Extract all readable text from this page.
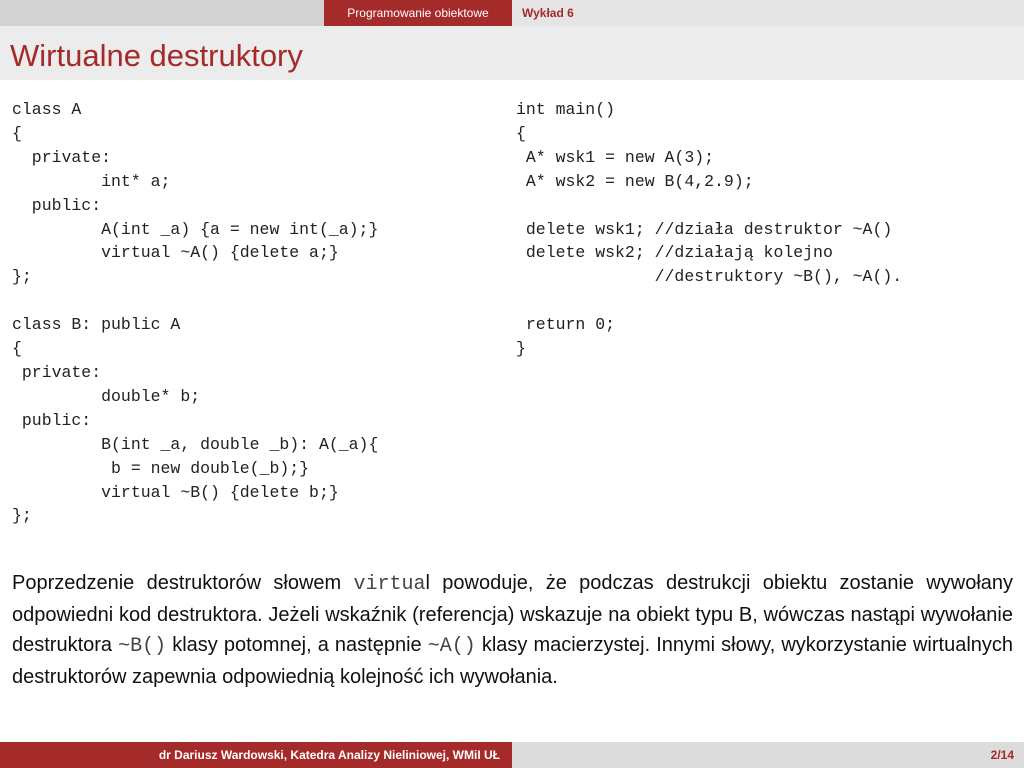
Programowanie obiektowe	Wykład 6
Wirtualne destruktory
class A
{
private:
int* a;
public:
A(int _a) {a = new int(_a);}
virtual ~A() {delete a;}
};

class B: public A
{
private:
double* b;
public:
B(int _a, double _b): A(_a){
b = new double(_b);}
virtual ~B() {delete b;}
};
int main()
{
A* wsk1 = new A(3);
A* wsk2 = new B(4,2.9);

delete wsk1; //działa destruktor ~A()
delete wsk2; //działają kolejno
//destruktory ~B(), ~A().

return 0;
}

Poprzedzenie destruktorów słowem virtual powoduje, że podczas destrukcji obiektu zostanie wywołany odpowiedni kod destruktora. Jeżeli wskaźnik (referencja) wskazuje na obiekt typu B, wówczas nastąpi wywołanie destruktora ~B() klasy potomnej, a następnie ~A() klasy macierzystej. Innymi słowy, wykorzystanie wirtualnych destruktorów zapewnia odpowiednią kolejność ich wywołania.

dr Dariusz Wardowski, Katedra Analizy Nieliniowej, WMiI UŁ	2/14
